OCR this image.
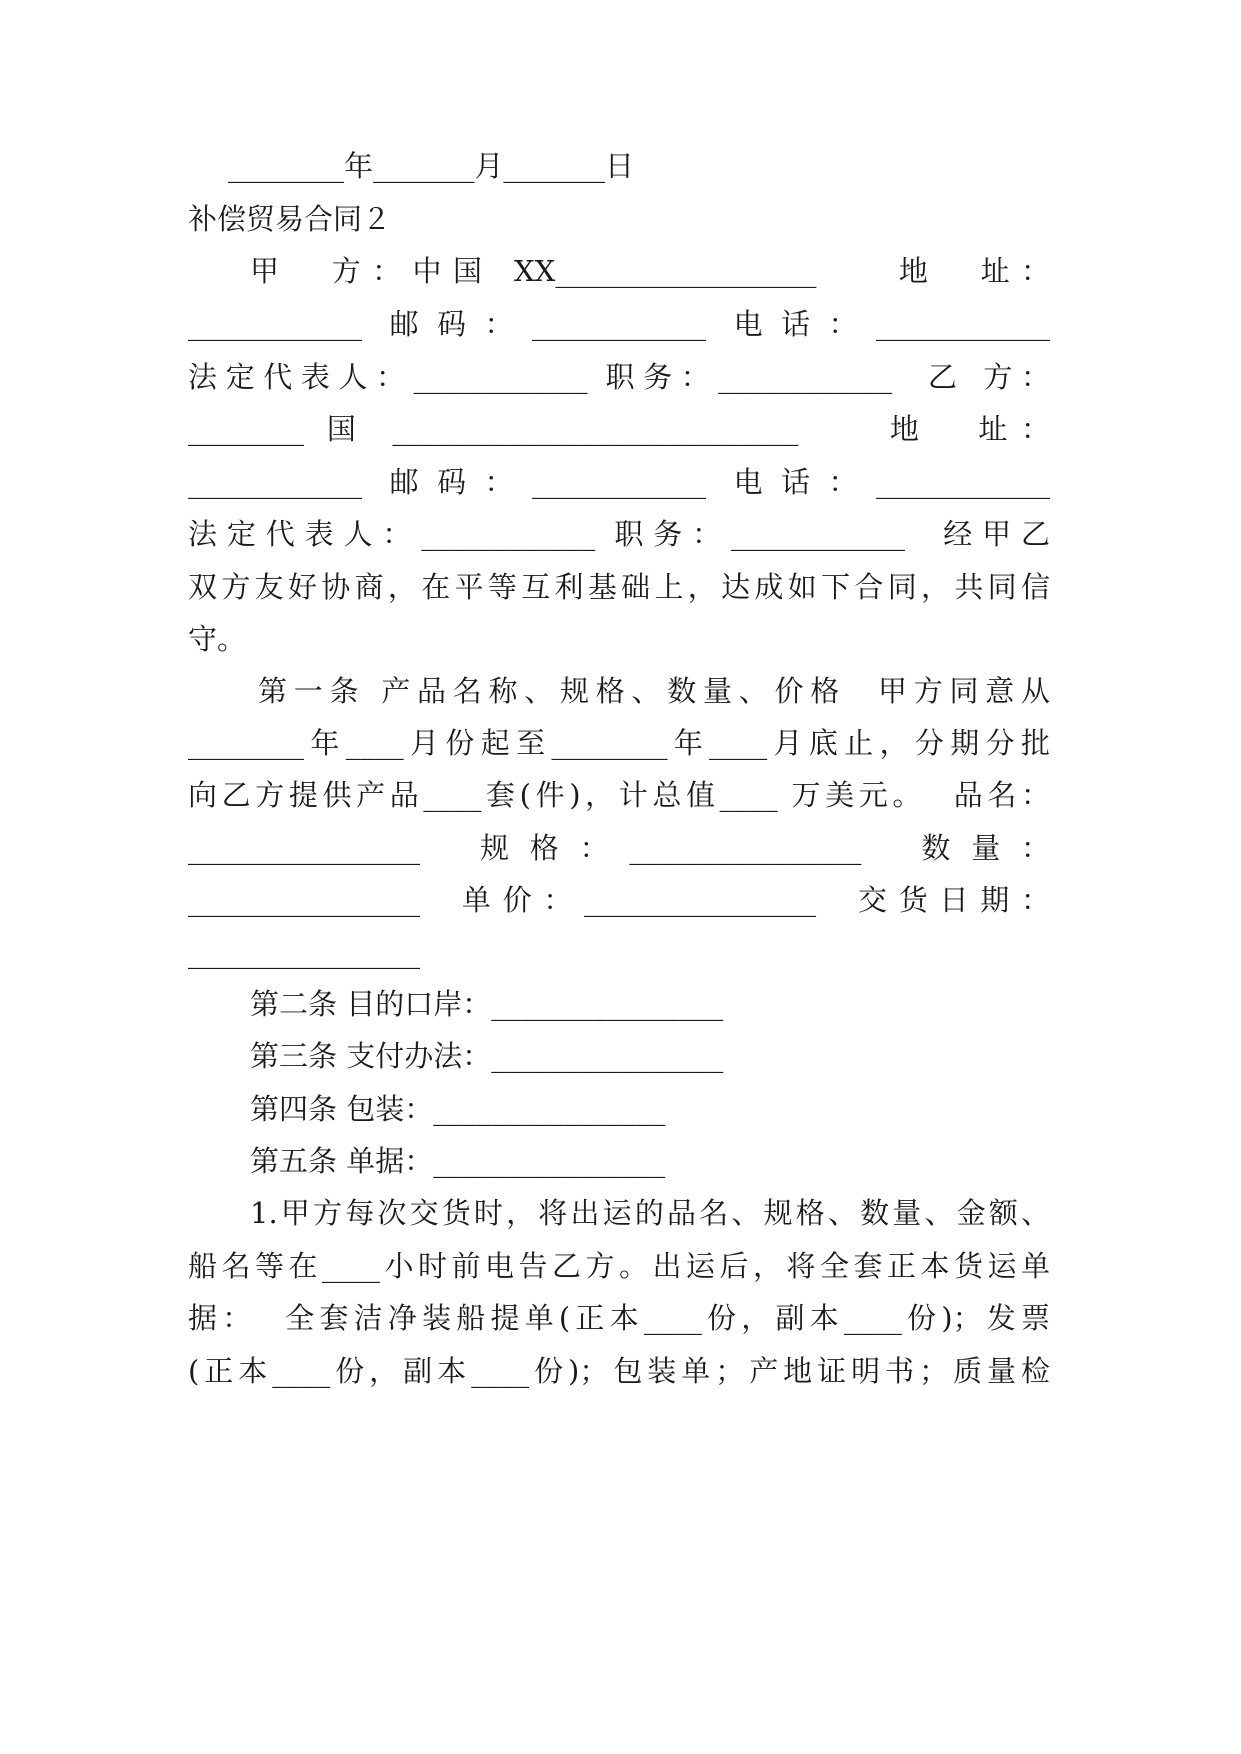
________年_______月_______日
补偿贸易合同２
甲  方：中国 XX__________________    地  址：
____________ 邮码：____________ 电话：____________
法定代表人：____________ 职务：____________  乙 方：
________ 国 ____________________________    地  址：
____________ 邮码：____________ 电话：____________
法定代表人：____________ 职务：____________  经甲乙
双方友好协商，在平等互利基础上，达成如下合同，共同信
守。
第一条 产品名称、规格、数量、价格  甲方同意从
________年____月份起至________年____月底止，分期分批
向乙方提供产品____套(件)，计总值____ 万美元。  品名：
________________  规格：________________  数量：
________________  单价：________________  交货日期：
________________
第二条 目的口岸：________________
第三条 支付办法：________________
第四条 包装：________________
第五条 单据：________________
1.甲方每次交货时，将出运的品名、规格、数量、金额、
船名等在____小时前电告乙方。出运后，将全套正本货运单
据：  全套洁净装船提单(正本____份，副本____份)；发票
(正本____份，副本____份)；包装单；产地证明书；质量检
